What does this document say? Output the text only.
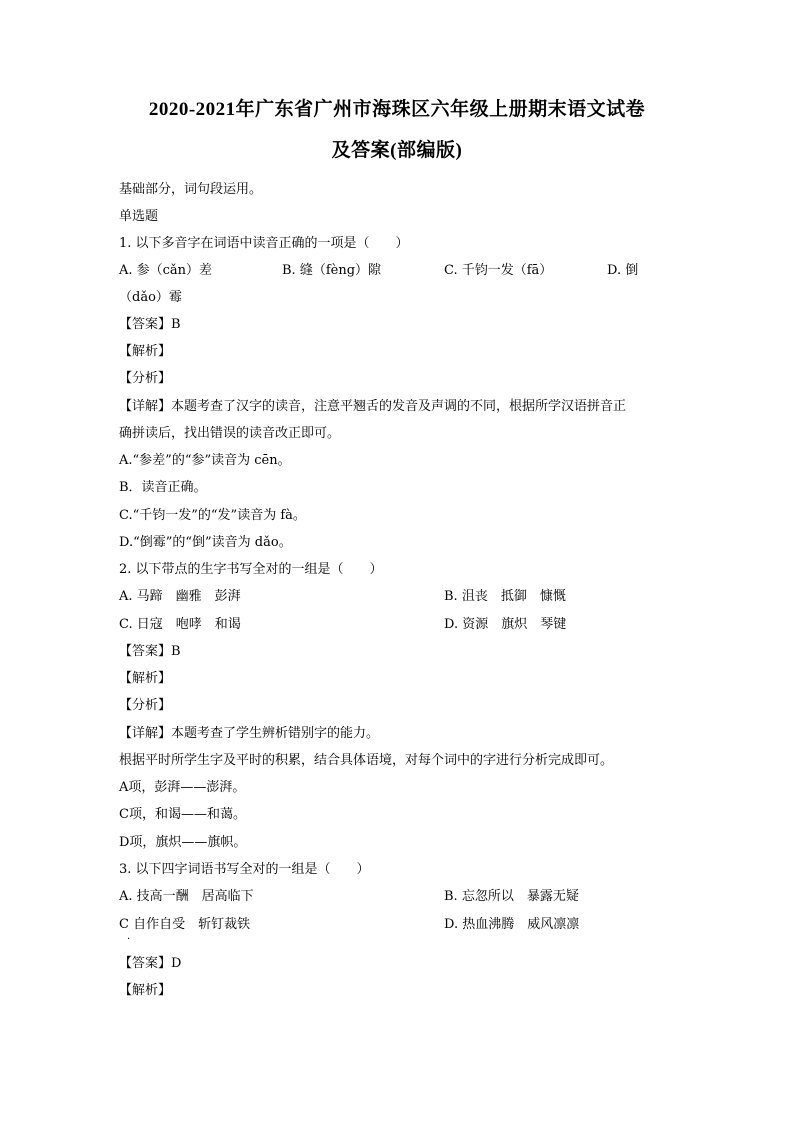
2020-2021年广东省广州市海珠区六年级上册期末语文试卷
及答案(部编版)
基础部分，词句段运用。
单选题
1. 以下多音字在词语中读音正确的一项是（　　）
A. 参（cǎn）差	B. 缝（fèng）隙	C. 千钧一发（fā）	D. 倒
（dǎo）霉
【答案】B
【解析】
【分析】
【详解】本题考查了汉字的读音，注意平翘舌的发音及声调的不同，根据所学汉语拼音正
确拼读后，找出错误的读音改正即可。
A.“参差”的“参”读音为 cēn。
B．读音正确。
C.“千钧一发”的“发”读音为 fà。
D.“倒霉”的“倒”读音为 dǎo。
2. 以下带点的生字书写全对的一组是（　　）
A. 马蹄　幽雅　彭湃	B. 沮丧　抵御　慷慨
C. 日寇　咆哮　和谒	D. 资源　旗炽　琴键
【答案】B
【解析】
【分析】
【详解】本题考查了学生辨析错别字的能力。
根据平时所学生字及平时的积累，结合具体语境，对每个词中的字进行分析完成即可。
A项，彭湃——澎湃。
C项，和谒——和蔼。
D项，旗炽——旗帜。
3. 以下四字词语书写全对的一组是（　　）
A. 技高一酬　居高临下	B. 忘忽所以　暴露无疑
C 自作自受　斩钉裁铁	D. 热血沸腾　威风凛凛
·
【答案】D
【解析】
